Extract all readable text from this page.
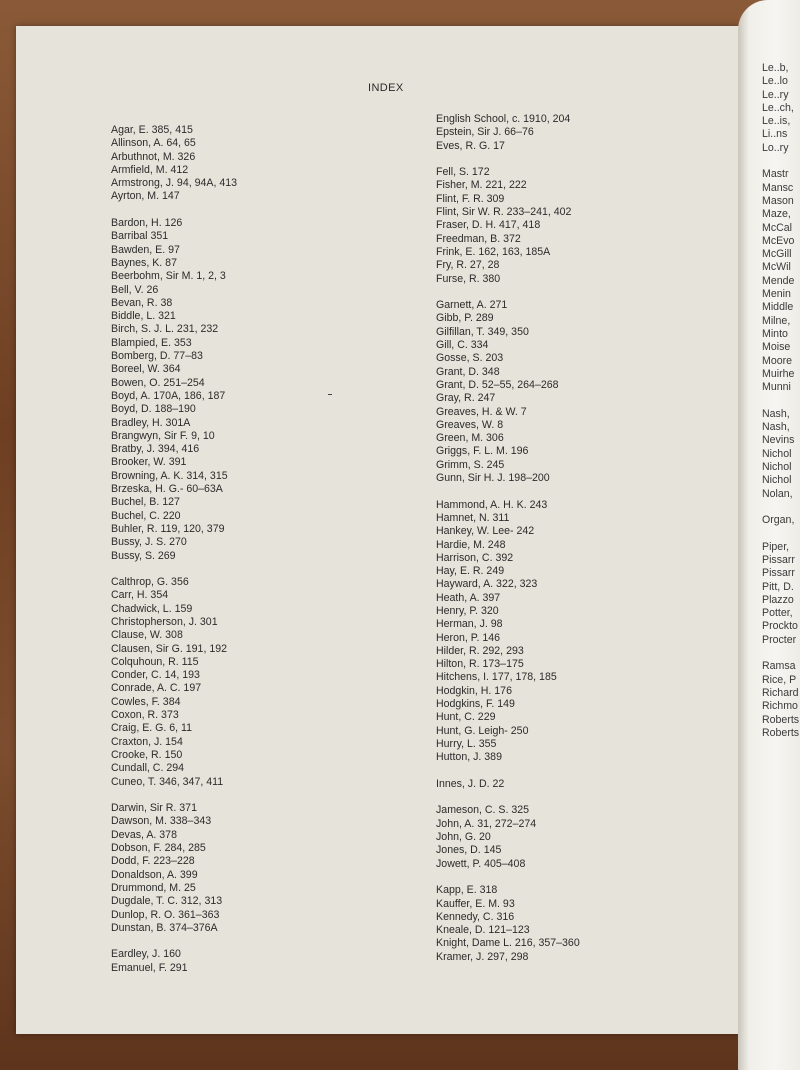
INDEX
Agar, E. 385, 415
Allinson, A. 64, 65
Arbuthnot, M. 326
Armfield, M. 412
Armstrong, J. 94, 94A, 413
Ayrton, M. 147
Bardon, H. 126
Barribal 351
Bawden, E. 97
Baynes, K. 87
Beerbohm, Sir M. 1, 2, 3
Bell, V. 26
Bevan, R. 38
Biddle, L. 321
Birch, S. J. L. 231, 232
Blampied, E. 353
Bomberg, D. 77–83
Boreel, W. 364
Bowen, O. 251–254
Boyd, A. 170A, 186, 187
Boyd, D. 188–190
Bradley, H. 301A
Brangwyn, Sir F. 9, 10
Bratby, J. 394, 416
Brooker, W. 391
Browning, A. K. 314, 315
Brzeska, H. G.- 60–63A
Buchel, B. 127
Buchel, C. 220
Buhler, R. 119, 120, 379
Bussy, J. S. 270
Bussy, S. 269
Calthrop, G. 356
Carr, H. 354
Chadwick, L. 159
Christopherson, J. 301
Clause, W. 308
Clausen, Sir G. 191, 192
Colquhoun, R. 115
Conder, C. 14, 193
Conrade, A. C. 197
Cowles, F. 384
Coxon, R. 373
Craig, E. G. 6, 11
Craxton, J. 154
Crooke, R. 150
Cundall, C. 294
Cuneo, T. 346, 347, 411
Darwin, Sir R. 371
Dawson, M. 338–343
Devas, A. 378
Dobson, F. 284, 285
Dodd, F. 223–228
Donaldson, A. 399
Drummond, M. 25
Dugdale, T. C. 312, 313
Dunlop, R. O. 361–363
Dunstan, B. 374–376A
Eardley, J. 160
Emanuel, F. 291
English School, c. 1910, 204
Epstein, Sir J. 66–76
Eves, R. G. 17
Fell, S. 172
Fisher, M. 221, 222
Flint, F. R. 309
Flint, Sir W. R. 233–241, 402
Fraser, D. H. 417, 418
Freedman, B. 372
Frink, E. 162, 163, 185A
Fry, R. 27, 28
Furse, R. 380
Garnett, A. 271
Gibb, P. 289
Gilfillan, T. 349, 350
Gill, C. 334
Gosse, S. 203
Grant, D. 348
Grant, D. 52–55, 264–268
Gray, R. 247
Greaves, H. & W. 7
Greaves, W. 8
Green, M. 306
Griggs, F. L. M. 196
Grimm, S. 245
Gunn, Sir H. J. 198–200
Hammond, A. H. K. 243
Hamnet, N. 311
Hankey, W. Lee- 242
Hardie, M. 248
Harrison, C. 392
Hay, E. R. 249
Hayward, A. 322, 323
Heath, A. 397
Henry, P. 320
Herman, J. 98
Heron, P. 146
Hilder, R. 292, 293
Hilton, R. 173–175
Hitchens, I. 177, 178, 185
Hodgkin, H. 176
Hodgkins, F. 149
Hunt, C. 229
Hunt, G. Leigh- 250
Hurry, L. 355
Hutton, J. 389
Innes, J. D. 22
Jameson, C. S. 325
John, A. 31, 272–274
John, G. 20
Jones, D. 145
Jowett, P. 405–408
Kapp, E. 318
Kauffer, E. M. 93
Kennedy, C. 316
Kneale, D. 121–123
Knight, Dame L. 216, 357–360
Kramer, J. 297, 298
Le..b,
Le..lo
Le..ry
Le..ch,
Le..is,
Li..ns
Lo..ry
Mastr
Mansc
Mason
Maze,
McCal
McEvo
McGill
McWil
Mende
Menin
Middle
Milne,
Minto
Moise
Moore
Muirhe
Munni
Nash,
Nash,
Nevins
Nichol
Nichol
Nichol
Nolan,
Organ,
Piper,
Pissarr
Pissarr
Pitt, D.
Plazzo
Potter,
Prockto
Procter
Ramsa
Rice, P
Richard
Richmo
Roberts
Roberts
